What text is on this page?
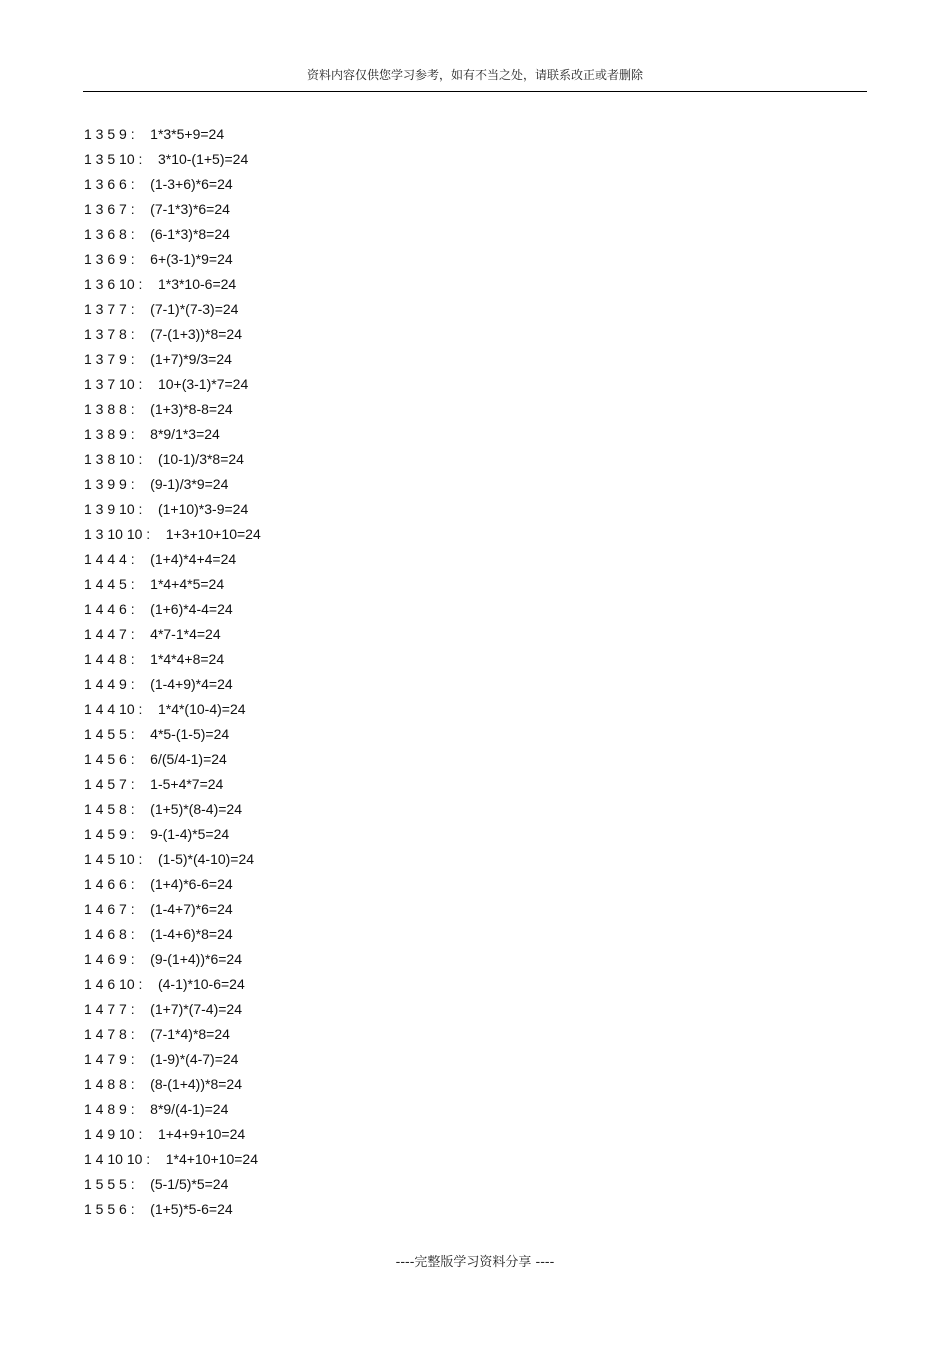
资料内容仅供您学习参考，如有不当之处，请联系改正或者删除
1 3 5 9 : 1*3*5+9=24
1 3 5 10 : 3*10-(1+5)=24
1 3 6 6 : (1-3+6)*6=24
1 3 6 7 : (7-1*3)*6=24
1 3 6 8 : (6-1*3)*8=24
1 3 6 9 : 6+(3-1)*9=24
1 3 6 10 : 1*3*10-6=24
1 3 7 7 : (7-1)*(7-3)=24
1 3 7 8 : (7-(1+3))*8=24
1 3 7 9 : (1+7)*9/3=24
1 3 7 10 : 10+(3-1)*7=24
1 3 8 8 : (1+3)*8-8=24
1 3 8 9 : 8*9/1*3=24
1 3 8 10 : (10-1)/3*8=24
1 3 9 9 : (9-1)/3*9=24
1 3 9 10 : (1+10)*3-9=24
1 3 10 10 : 1+3+10+10=24
1 4 4 4 : (1+4)*4+4=24
1 4 4 5 : 1*4+4*5=24
1 4 4 6 : (1+6)*4-4=24
1 4 4 7 : 4*7-1*4=24
1 4 4 8 : 1*4*4+8=24
1 4 4 9 : (1-4+9)*4=24
1 4 4 10 : 1*4*(10-4)=24
1 4 5 5 : 4*5-(1-5)=24
1 4 5 6 : 6/(5/4-1)=24
1 4 5 7 : 1-5+4*7=24
1 4 5 8 : (1+5)*(8-4)=24
1 4 5 9 : 9-(1-4)*5=24
1 4 5 10 : (1-5)*(4-10)=24
1 4 6 6 : (1+4)*6-6=24
1 4 6 7 : (1-4+7)*6=24
1 4 6 8 : (1-4+6)*8=24
1 4 6 9 : (9-(1+4))*6=24
1 4 6 10 : (4-1)*10-6=24
1 4 7 7 : (1+7)*(7-4)=24
1 4 7 8 : (7-1*4)*8=24
1 4 7 9 : (1-9)*(4-7)=24
1 4 8 8 : (8-(1+4))*8=24
1 4 8 9 : 8*9/(4-1)=24
1 4 9 10 : 1+4+9+10=24
1 4 10 10 : 1*4+10+10=24
1 5 5 5 : (5-1/5)*5=24
1 5 5 6 : (1+5)*5-6=24
----完整版学习资料分享 ----
